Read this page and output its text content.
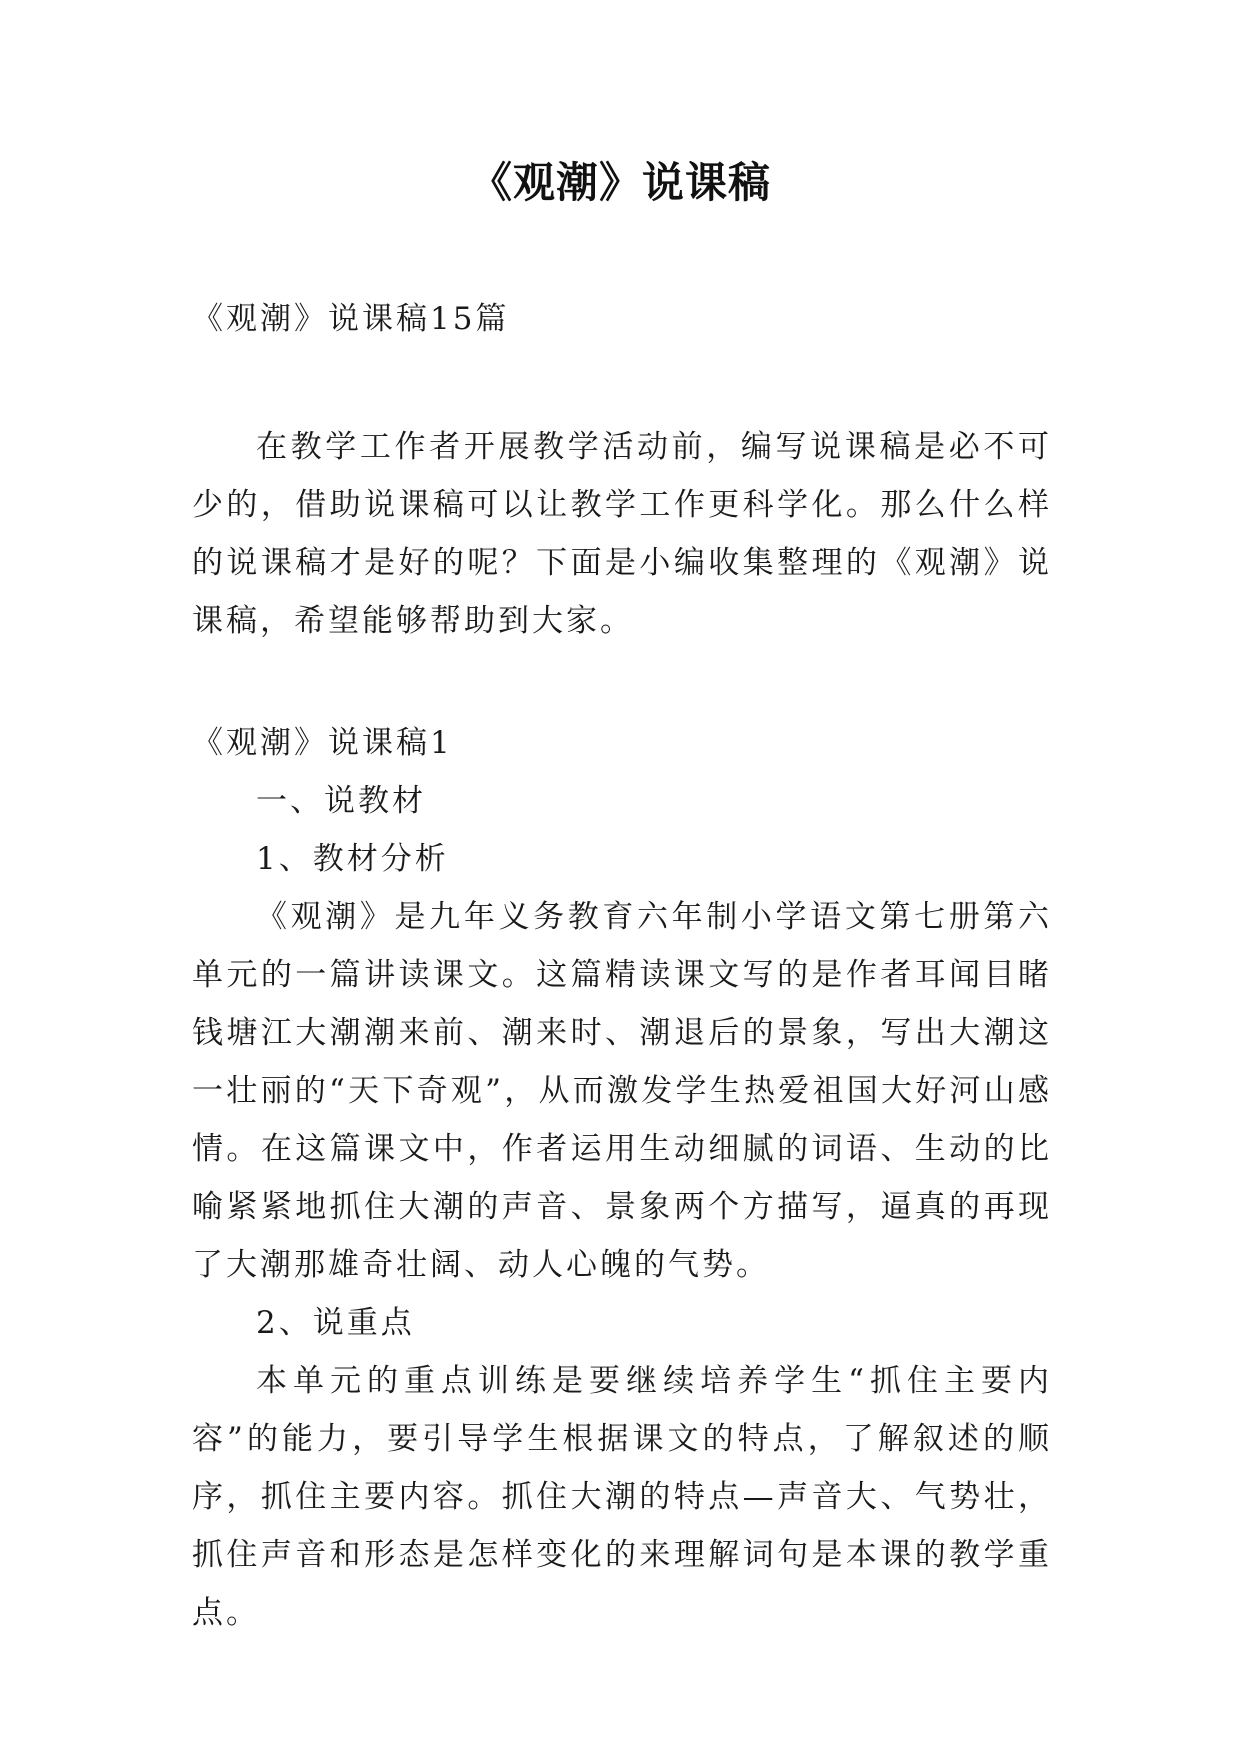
《观潮》说课稿

《观潮》说课稿15篇

在教学工作者开展教学活动前，编写说课稿是必不可少的，借助说课稿可以让教学工作更科学化。那么什么样的说课稿才是好的呢？下面是小编收集整理的《观潮》说课稿，希望能够帮助到大家。

《观潮》说课稿1

一、说教材

1、教材分析

《观潮》是九年义务教育六年制小学语文第七册第六单元的一篇讲读课文。这篇精读课文写的是作者耳闻目睹钱塘江大潮潮来前、潮来时、潮退后的景象，写出大潮这一壮丽的“天下奇观”，从而激发学生热爱祖国大好河山感情。在这篇课文中，作者运用生动细腻的词语、生动的比喻紧紧地抓住大潮的声音、景象两个方描写，逼真的再现了大潮那雄奇壮阔、动人心魄的气势。

2、说重点

本单元的重点训练是要继续培养学生“抓住主要内容”的能力，要引导学生根据课文的特点，了解叙述的顺序，抓住主要内容。抓住大潮的特点—声音大、气势壮，抓住声音和形态是怎样变化的来理解词句是本课的教学重点。
